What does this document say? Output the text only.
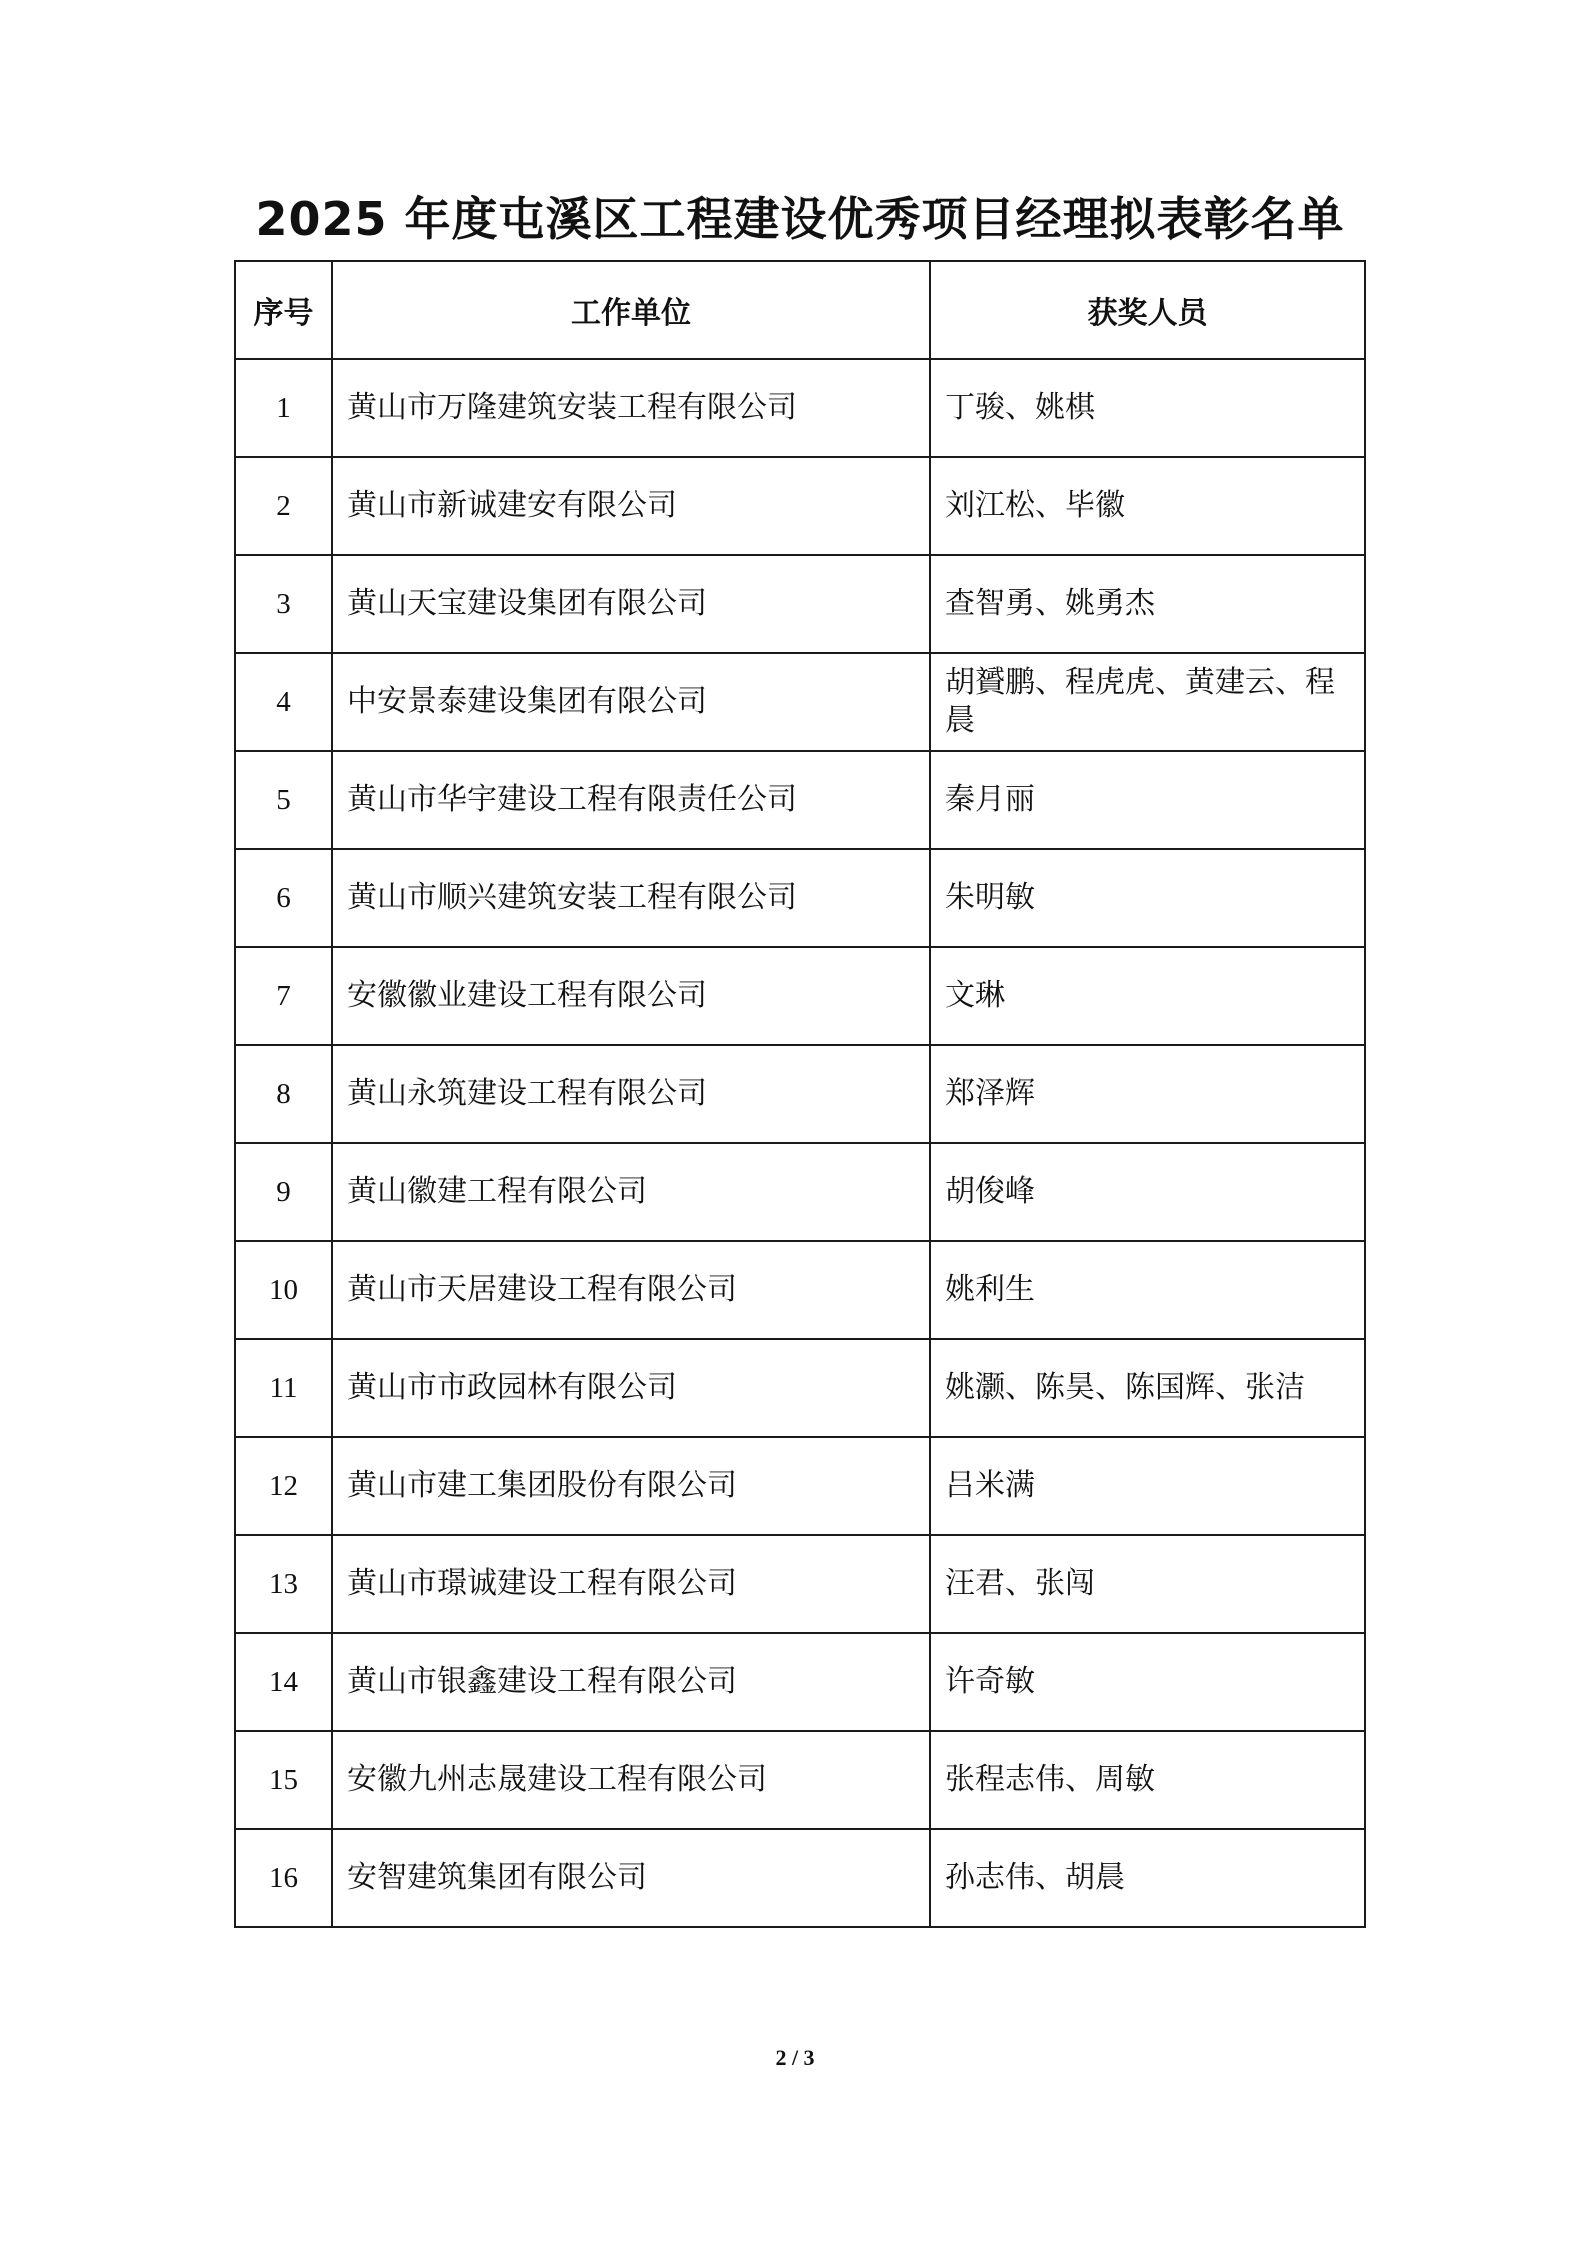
2025 年度屯溪区工程建设优秀项目经理拟表彰名单
序号	工作单位	获奖人员
1	黄山市万隆建筑安装工程有限公司	丁骏、姚棋
2	黄山市新诚建安有限公司	刘江松、毕徽
3	黄山天宝建设集团有限公司	查智勇、姚勇杰
4	中安景泰建设集团有限公司	胡贇鹏、程虎虎、黄建云、程晨
5	黄山市华宇建设工程有限责任公司	秦月丽
6	黄山市顺兴建筑安装工程有限公司	朱明敏
7	安徽徽业建设工程有限公司	文琳
8	黄山永筑建设工程有限公司	郑泽辉
9	黄山徽建工程有限公司	胡俊峰
10	黄山市天居建设工程有限公司	姚利生
11	黄山市市政园林有限公司	姚灏、陈昊、陈国辉、张洁
12	黄山市建工集团股份有限公司	吕米满
13	黄山市璟诚建设工程有限公司	汪君、张闯
14	黄山市银鑫建设工程有限公司	许奇敏
15	安徽九州志晟建设工程有限公司	张程志伟、周敏
16	安智建筑集团有限公司	孙志伟、胡晨
2 / 3
